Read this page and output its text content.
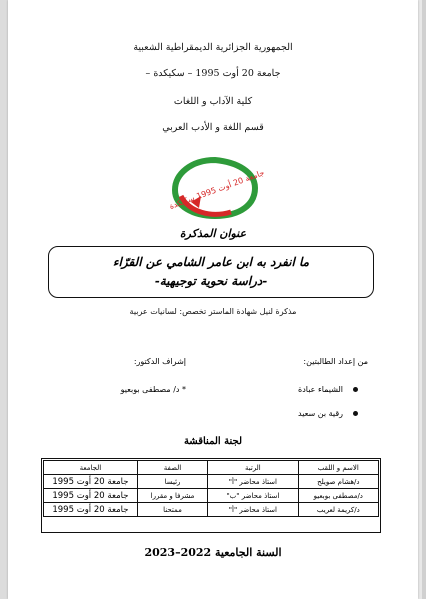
الجمهورية الجزائرية الديمقراطية الشعبية
جامعة 20 أوت 1995 – سكيكدة –
كلية الآداب و اللغات
قسم اللغة و الأدب العربي
جامعة 20 أوت 1995 سكيكدة
عنوان المذكرة
ما انفرد به ابن عامر الشامي عن القرّاء
-دراسة نحوية توجيهية-
مذكرة لنيل شهادة الماستر تخصص: لسانيات عربية
من إعداد الطالبتين:
إشراف الدكتور:
الشيماء عبادة
رقية بن سعيد
* د/ مصطفى بوبعيو
لجنة المناقشة
الاسم و اللقب	الرتبة	الصفة	الجامعة
د/هشام صويلح	استاذ محاضر "أ"	رئيسا	جامعة 20 أوت 1995
د/مصطفى بوبعيو	استاذ محاضر "ب"	مشرفا و مقررا	جامعة 20 أوت 1995
د/كريمة لعريب	استاذ محاضر "أ"	ممتحنا	جامعة 20 أوت 1995
السنة الجامعية 2022–2023
